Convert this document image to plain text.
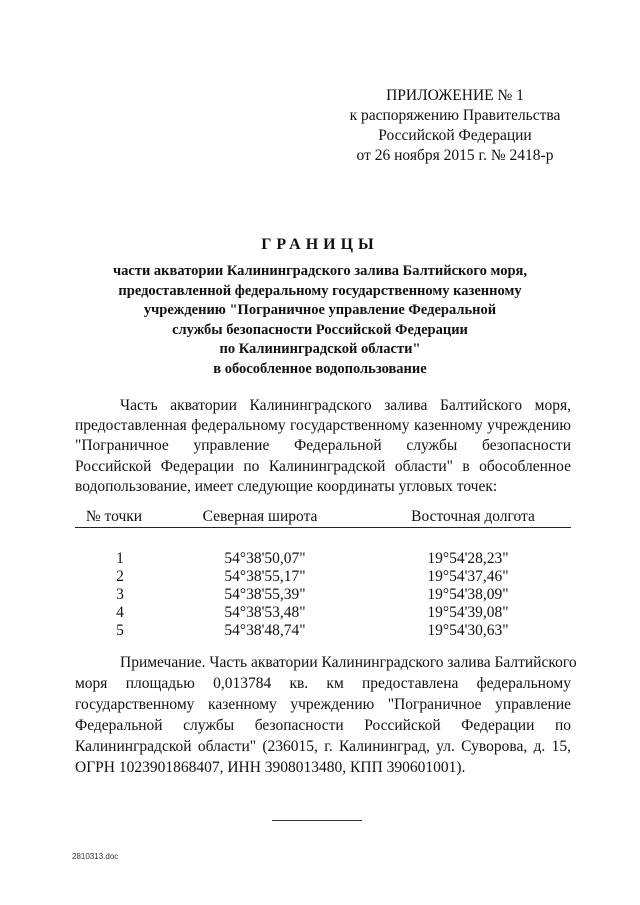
ПРИЛОЖЕНИЕ № 1
к распоряжению Правительства
Российской Федерации
от 26 ноября 2015 г. № 2418-р
ГРАНИЦЫ
части акватории Калининградского залива Балтийского моря,
предоставленной федеральному государственному казенному
учреждению "Пограничное управление Федеральной
службы безопасности Российской Федерации
по Калининградской области"
в обособленное водопользование
Часть акватории Калининградского залива Балтийского моря,
предоставленная федеральному государственному казенному учреждению
"Пограничное управление Федеральной службы безопасности
Российской Федерации по Калининградской области" в обособленное
водопользование, имеет следующие координаты угловых точек:
№ точки	Северная широта	Восточная долгота
1	54°38'50,07"	19°54'28,23"
2	54°38'55,17"	19°54'37,46"
3	54°38'55,39"	19°54'38,09"
4	54°38'53,48"	19°54'39,08"
5	54°38'48,74"	19°54'30,63"
Примечание. Часть акватории Калининградского залива Балтийского
моря площадью 0,013784 кв. км предоставлена федеральному
государственному казенному учреждению "Пограничное управление
Федеральной службы безопасности Российской Федерации по
Калининградской области" (236015, г. Калининград, ул. Суворова, д. 15,
ОГРН 1023901868407, ИНН 3908013480, КПП 390601001).
2810313.doc
